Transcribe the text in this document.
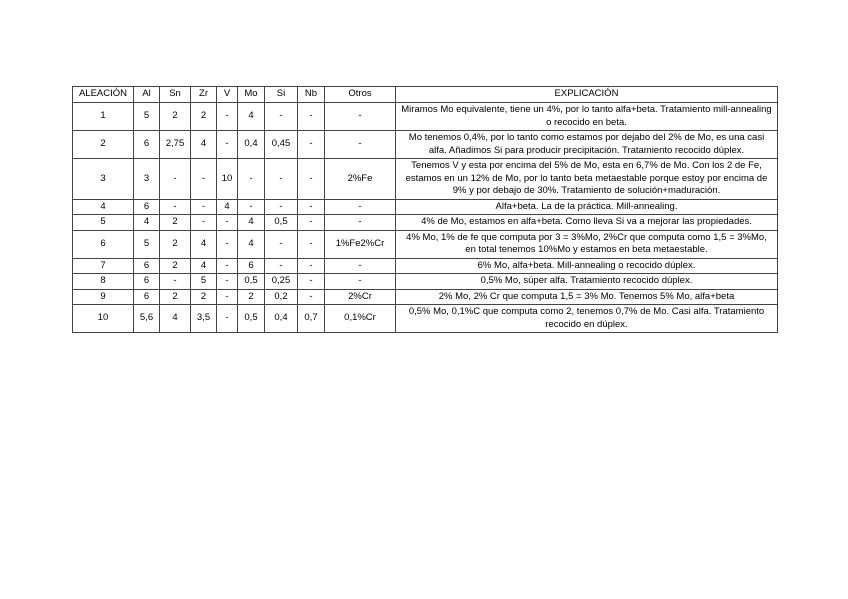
ALEACIÓN	Al	Sn	Zr	V	Mo	Si	Nb	Otros	EXPLICACIÓN
1	5	2	2	-	4	-	-	-	Miramos Mo equivalente, tiene un 4%, por lo tanto alfa+beta. Tratamiento mill-annealing o recocido en beta.
2	6	2,75	4	-	0,4	0,45	-	-	Mo tenemos 0,4%, por lo tanto como estamos por dejabo del 2% de Mo, es una casi alfa. Añadimos Si para producir precipitación. Tratamiento recocido dúplex.
3	3	-	-	10	-	-	-	2%Fe	Tenemos V y esta por encima del 5% de Mo, esta en 6,7% de Mo. Con los 2 de Fe, estamos en un 12% de Mo, por lo tanto beta metaestable porque estoy por encima de 9% y por debajo de 30%. Tratamiento de solución+maduración.
4	6	-	-	4	-	-	-	-	Alfa+beta. La de la práctica. Mill-annealing.
5	4	2	-	-	4	0,5	-	-	4% de Mo, estamos en alfa+beta. Como lleva Si va a mejorar las propiedades.
6	5	2	4	-	4	-	-	1%Fe2%Cr	4% Mo, 1% de fe que computa por 3 = 3%Mo, 2%Cr que computa como 1,5 = 3%Mo, en total tenemos 10%Mo y estamos en beta metaestable.
7	6	2	4	-	6	-	-	-	6% Mo, alfa+beta. Mill-annealing o recocido dúplex.
8	6	-	5	-	0,5	0,25	-	-	0,5% Mo, súper alfa. Tratamiento recocido dúplex.
9	6	2	2	-	2	0,2	-	2%Cr	2% Mo, 2% Cr que computa 1,5 = 3% Mo. Tenemos 5% Mo, alfa+beta
10	5,6	4	3,5	-	0,5	0,4	0,7	0,1%Cr	0,5% Mo, 0,1%C que computa como 2, tenemos 0,7% de Mo. Casi alfa. Tratamiento recocido en dúplex.
